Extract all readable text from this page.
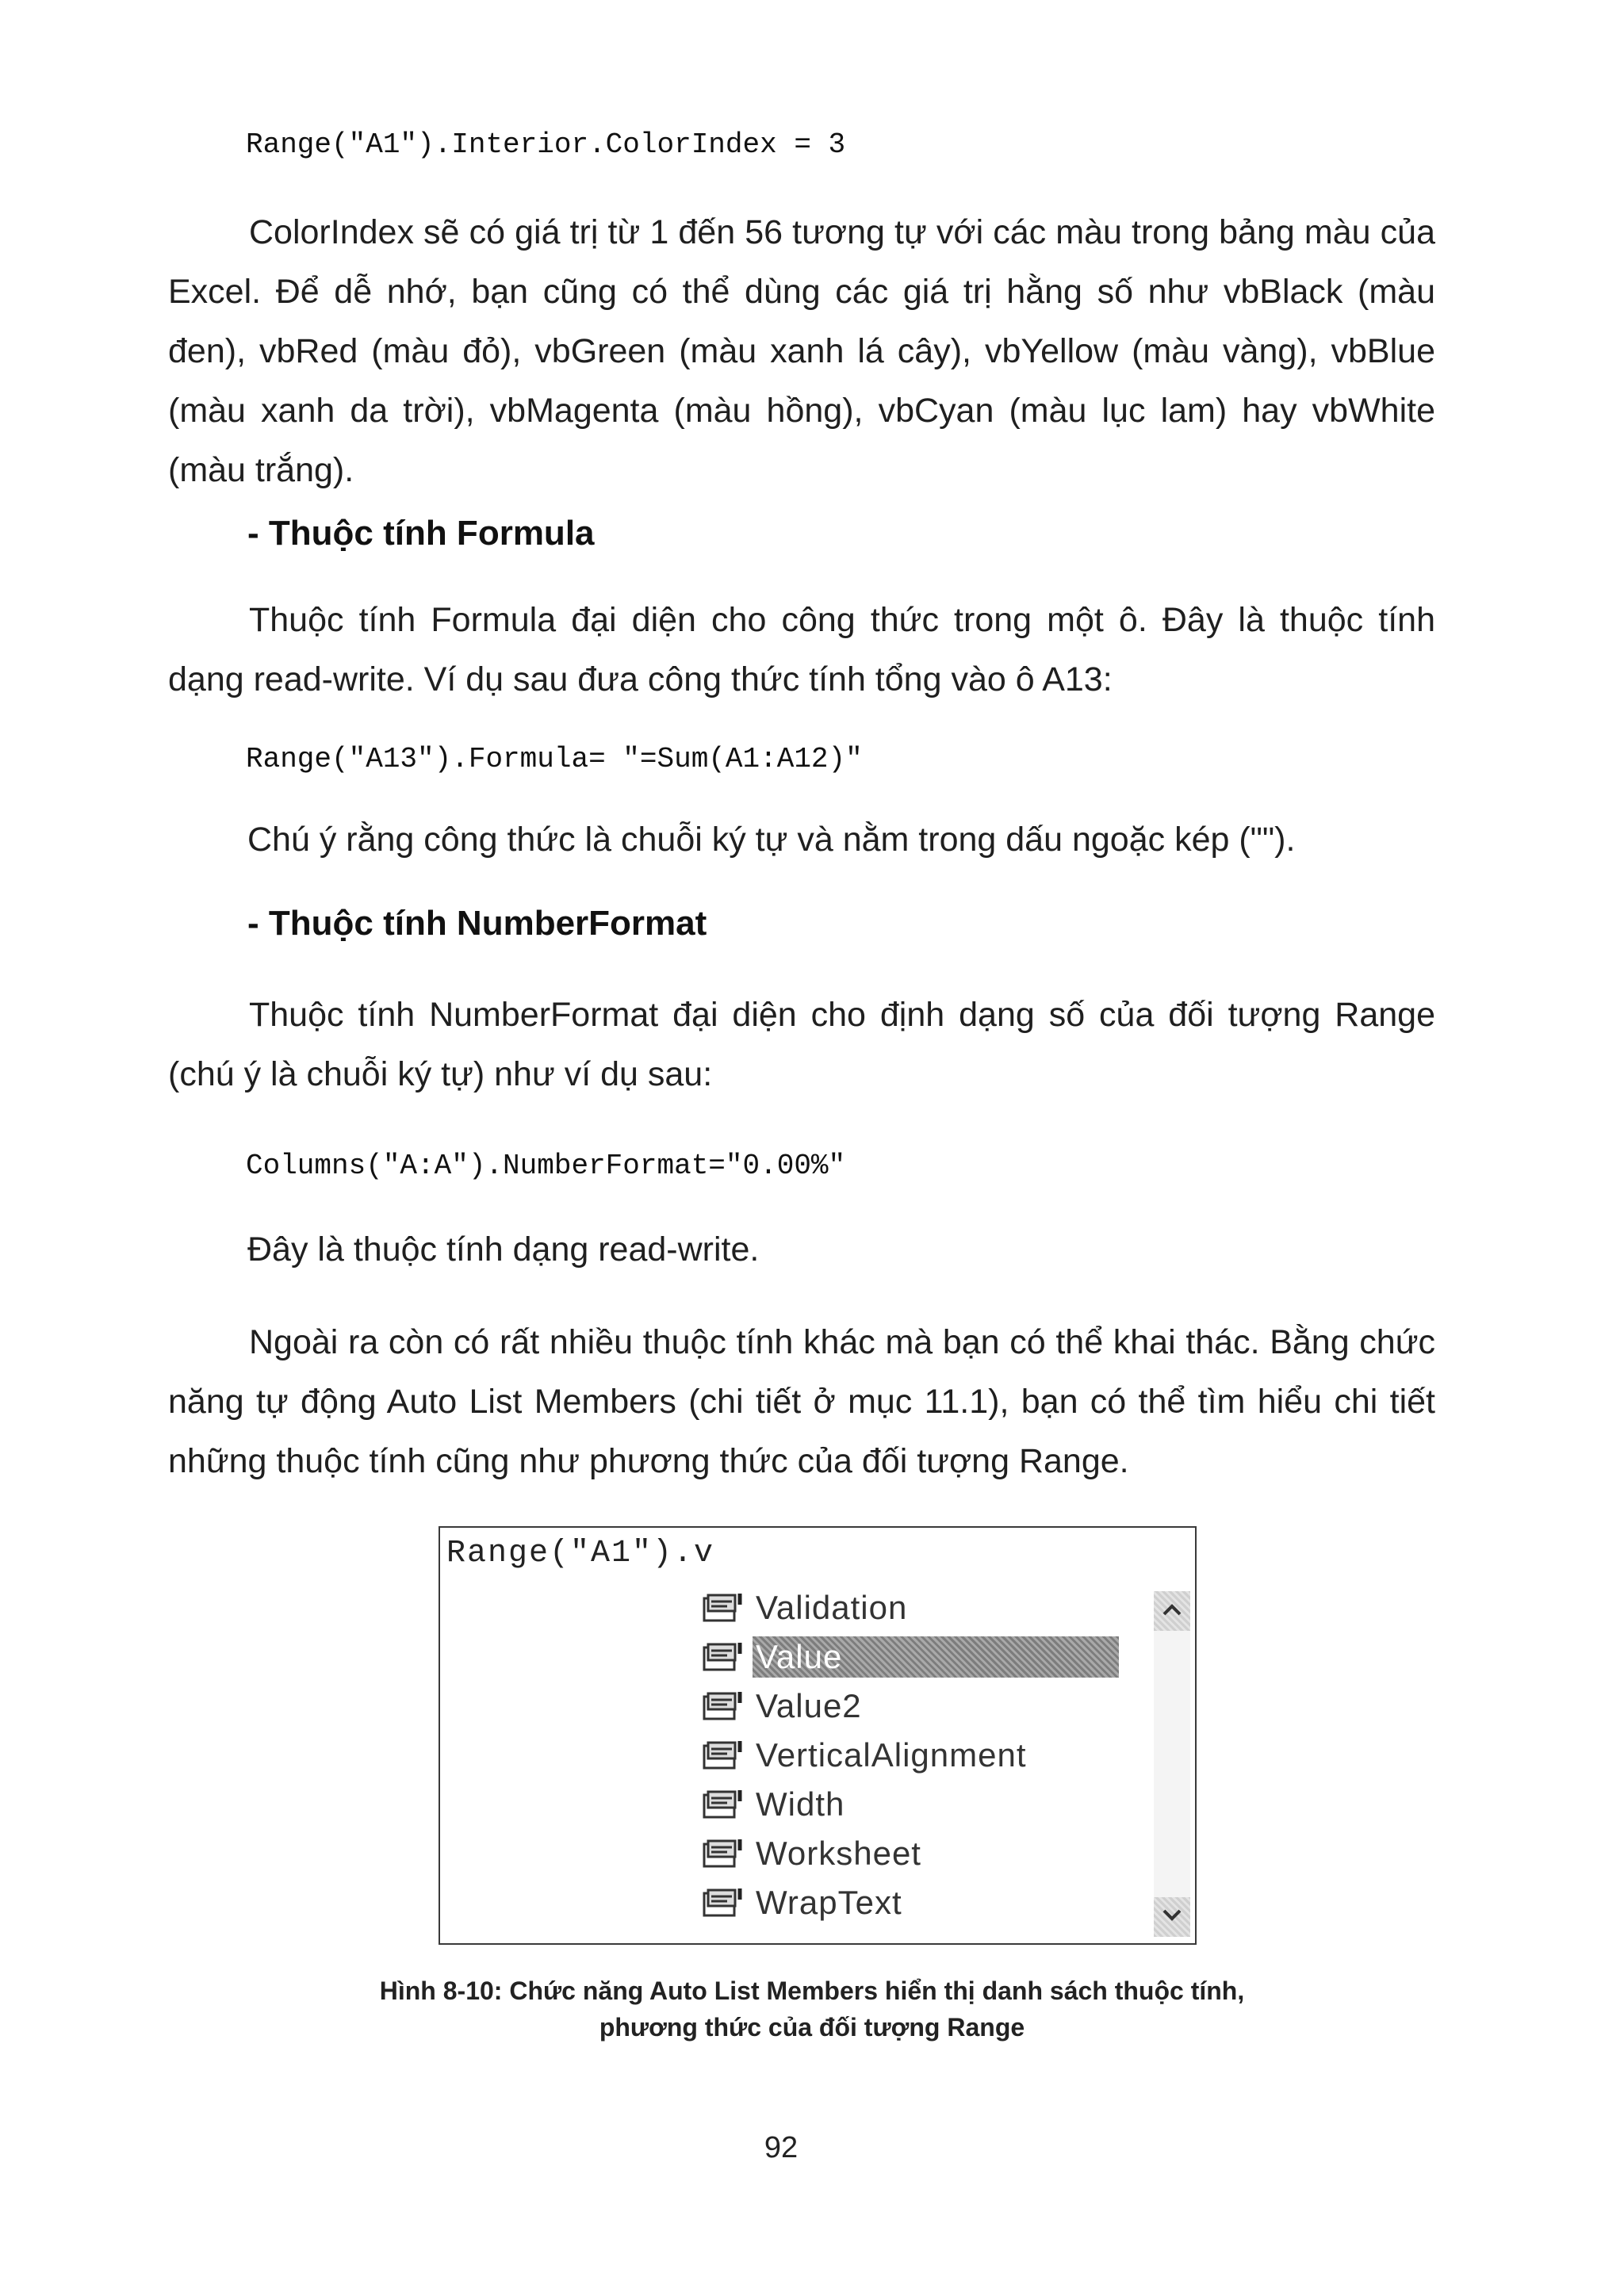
Range("A1").Interior.ColorIndex = 3
ColorIndex sẽ có giá trị từ 1 đến 56 tương tự với các màu trong bảng màu của Excel. Để dễ nhớ, bạn cũng có thể dùng các giá trị hằng số như vbBlack (màu đen), vbRed (màu đỏ), vbGreen (màu xanh lá cây), vbYellow (màu vàng), vbBlue (màu xanh da trời), vbMagenta (màu hồng), vbCyan (màu lục lam) hay vbWhite (màu trắng).
- Thuộc tính Formula
Thuộc tính Formula đại diện cho công thức trong một ô. Đây là thuộc tính dạng read-write. Ví dụ sau đưa công thức tính tổng vào ô A13:
Range("A13").Formula= "=Sum(A1:A12)"
Chú ý rằng công thức là chuỗi ký tự và nằm trong dấu ngoặc kép ("").
- Thuộc tính NumberFormat
Thuộc tính NumberFormat đại diện cho định dạng số của đối tượng Range (chú ý là chuỗi ký tự) như ví dụ sau:
Columns("A:A").NumberFormat="0.00%"
Đây là thuộc tính dạng read-write.
Ngoài ra còn có rất nhiều thuộc tính khác mà bạn có thể khai thác. Bằng chức năng tự động Auto List Members (chi tiết ở mục 11.1), bạn có thể tìm hiểu chi tiết những thuộc tính cũng như phương thức của đối tượng Range.
Range("A1").v
Validation
Value
Value2
VerticalAlignment
Width
Worksheet
WrapText
Hình 8-10: Chức năng Auto List Members hiển thị danh sách thuộc tính,
phương thức của đối tượng Range
92
